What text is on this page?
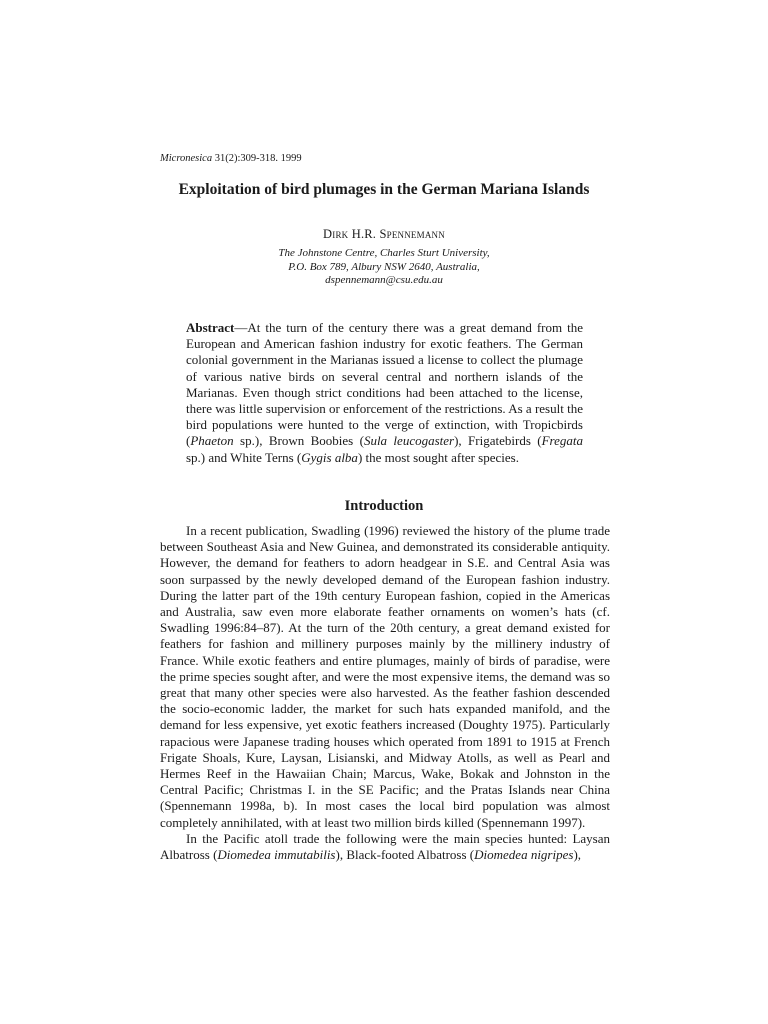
Micronesica 31(2):309-318. 1999
Exploitation of bird plumages in the German Mariana Islands
Dirk H.R. Spennemann
The Johnstone Centre, Charles Sturt University,
P.O. Box 789, Albury NSW 2640, Australia,
dspennemann@csu.edu.au
Abstract—At the turn of the century there was a great demand from the European and American fashion industry for exotic feathers. The German colonial government in the Marianas issued a license to collect the plumage of various native birds on several central and northern islands of the Marianas. Even though strict conditions had been attached to the license, there was little supervision or enforcement of the restrictions. As a result the bird populations were hunted to the verge of extinction, with Tropicbirds (Phaeton sp.), Brown Boobies (Sula leucogaster), Frigatebirds (Fregata sp.) and White Terns (Gygis alba) the most sought after species.
Introduction

In a recent publication, Swadling (1996) reviewed the history of the plume trade between Southeast Asia and New Guinea, and demonstrated its considerable antiquity. However, the demand for feathers to adorn headgear in S.E. and Central Asia was soon surpassed by the newly developed demand of the European fashion industry. During the latter part of the 19th century European fashion, copied in the Americas and Australia, saw even more elaborate feather ornaments on women’s hats (cf. Swadling 1996:84–87). At the turn of the 20th century, a great demand existed for feathers for fashion and millinery purposes mainly by the millinery industry of France. While exotic feathers and entire plumages, mainly of birds of paradise, were the prime species sought after, and were the most expensive items, the demand was so great that many other species were also harvested. As the feather fashion descended the socio-economic ladder, the market for such hats expanded manifold, and the demand for less expensive, yet exotic feathers increased (Doughty 1975). Particularly rapacious were Japanese trading houses which operated from 1891 to 1915 at French Frigate Shoals, Kure, Laysan, Lisianski, and Midway Atolls, as well as Pearl and Hermes Reef in the Hawaiian Chain; Marcus, Wake, Bokak and Johnston in the Central Pacific; Christmas I. in the SE Pacific; and the Pratas Islands near China (Spennemann 1998a, b). In most cases the local bird population was almost completely annihilated, with at least two million birds killed (Spennemann 1997).

In the Pacific atoll trade the following were the main species hunted: Laysan Albatross (Diomedea immutabilis), Black-footed Albatross (Diomedea nigripes),
